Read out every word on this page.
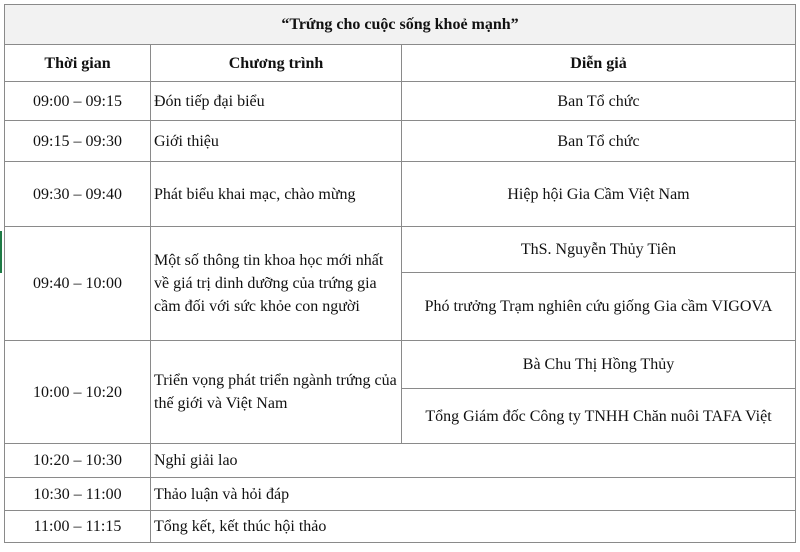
“Trứng cho cuộc sống khoẻ mạnh”		
Thời gian	Chương trình	Diễn giả
09:00 – 09:15	Đón tiếp đại biểu	Ban Tổ chức
09:15 – 09:30	Giới thiệu	Ban Tổ chức
09:30 – 09:40	Phát biểu khai mạc, chào mừng	Hiệp hội Gia Cầm Việt Nam
09:40 – 10:00	Một số thông tin khoa học mới nhất về giá trị dinh dưỡng của trứng gia cầm đối với sức khỏe con người	ThS. Nguyễn Thủy Tiên
		Phó trưởng Trạm nghiên cứu giống Gia cầm VIGOVA
10:00 – 10:20	Triển vọng phát triển ngành trứng của thế giới và Việt Nam	Bà Chu Thị Hồng Thủy
		Tổng Giám đốc Công ty TNHH Chăn nuôi TAFA Việt
10:20 – 10:30	Nghỉ giải lao	
10:30 – 11:00	Thảo luận và hỏi đáp	
11:00 – 11:15	Tổng kết, kết thúc hội thảo	
